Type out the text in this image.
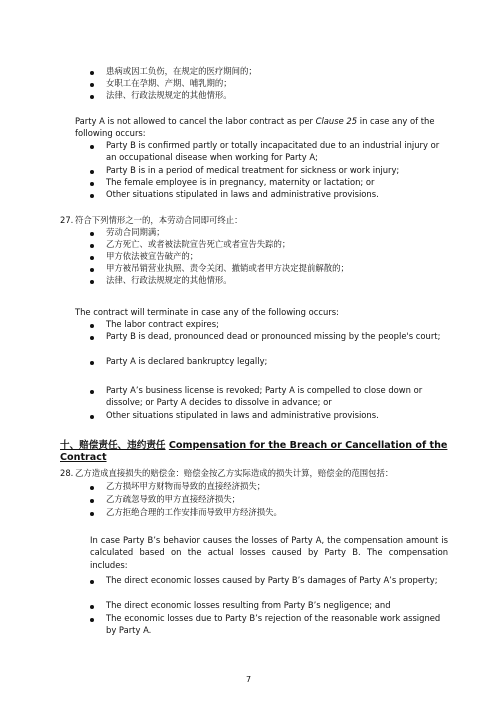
患病或因工负伤，在规定的医疗期间的；
女职工在孕期、产期、哺乳期的；
法律、行政法规规定的其他情形。
Party A is not allowed to cancel the labor contract as per Clause 25 in case any of the following occurs:
Party B is confirmed partly or totally incapacitated due to an industrial injury or an occupational disease when working for Party A;
Party B is in a period of medical treatment for sickness or work injury;
The female employee is in pregnancy, maternity or lactation; or
Other situations stipulated in laws and administrative provisions.
27. 符合下列情形之一的，本劳动合同即可终止：
劳动合同期满；
乙方死亡、或者被法院宣告死亡或者宣告失踪的；
甲方依法被宣告破产的；
甲方被吊销营业执照、责令关闭、撤销或者甲方决定提前解散的；
法律、行政法规规定的其他情形。
The contract will terminate in case any of the following occurs:
The labor contract expires;
Party B is dead, pronounced dead or pronounced missing by the people's court;
Party A is declared bankruptcy legally;
Party A’s business license is revoked; Party A is compelled to close down or dissolve; or Party A decides to dissolve in advance; or
Other situations stipulated in laws and administrative provisions.
十、赔偿责任、违约责任 Compensation for the Breach or Cancellation of the Contract
28. 乙方造成直接损失的赔偿金：赔偿金按乙方实际造成的损失计算，赔偿金的范围包括：
乙方损坏甲方财物而导致的直接经济损失；
乙方疏忽导致的甲方直接经济损失；
乙方拒绝合理的工作安排而导致甲方经济损失。
In case Party B’s behavior causes the losses of Party A, the compensation amount is calculated based on the actual losses caused by Party B. The compensation includes:
The direct economic losses caused by Party B’s damages of Party A’s property;
The direct economic losses resulting from Party B’s negligence; and
The economic losses due to Party B’s rejection of the reasonable work assigned by Party A.
7
